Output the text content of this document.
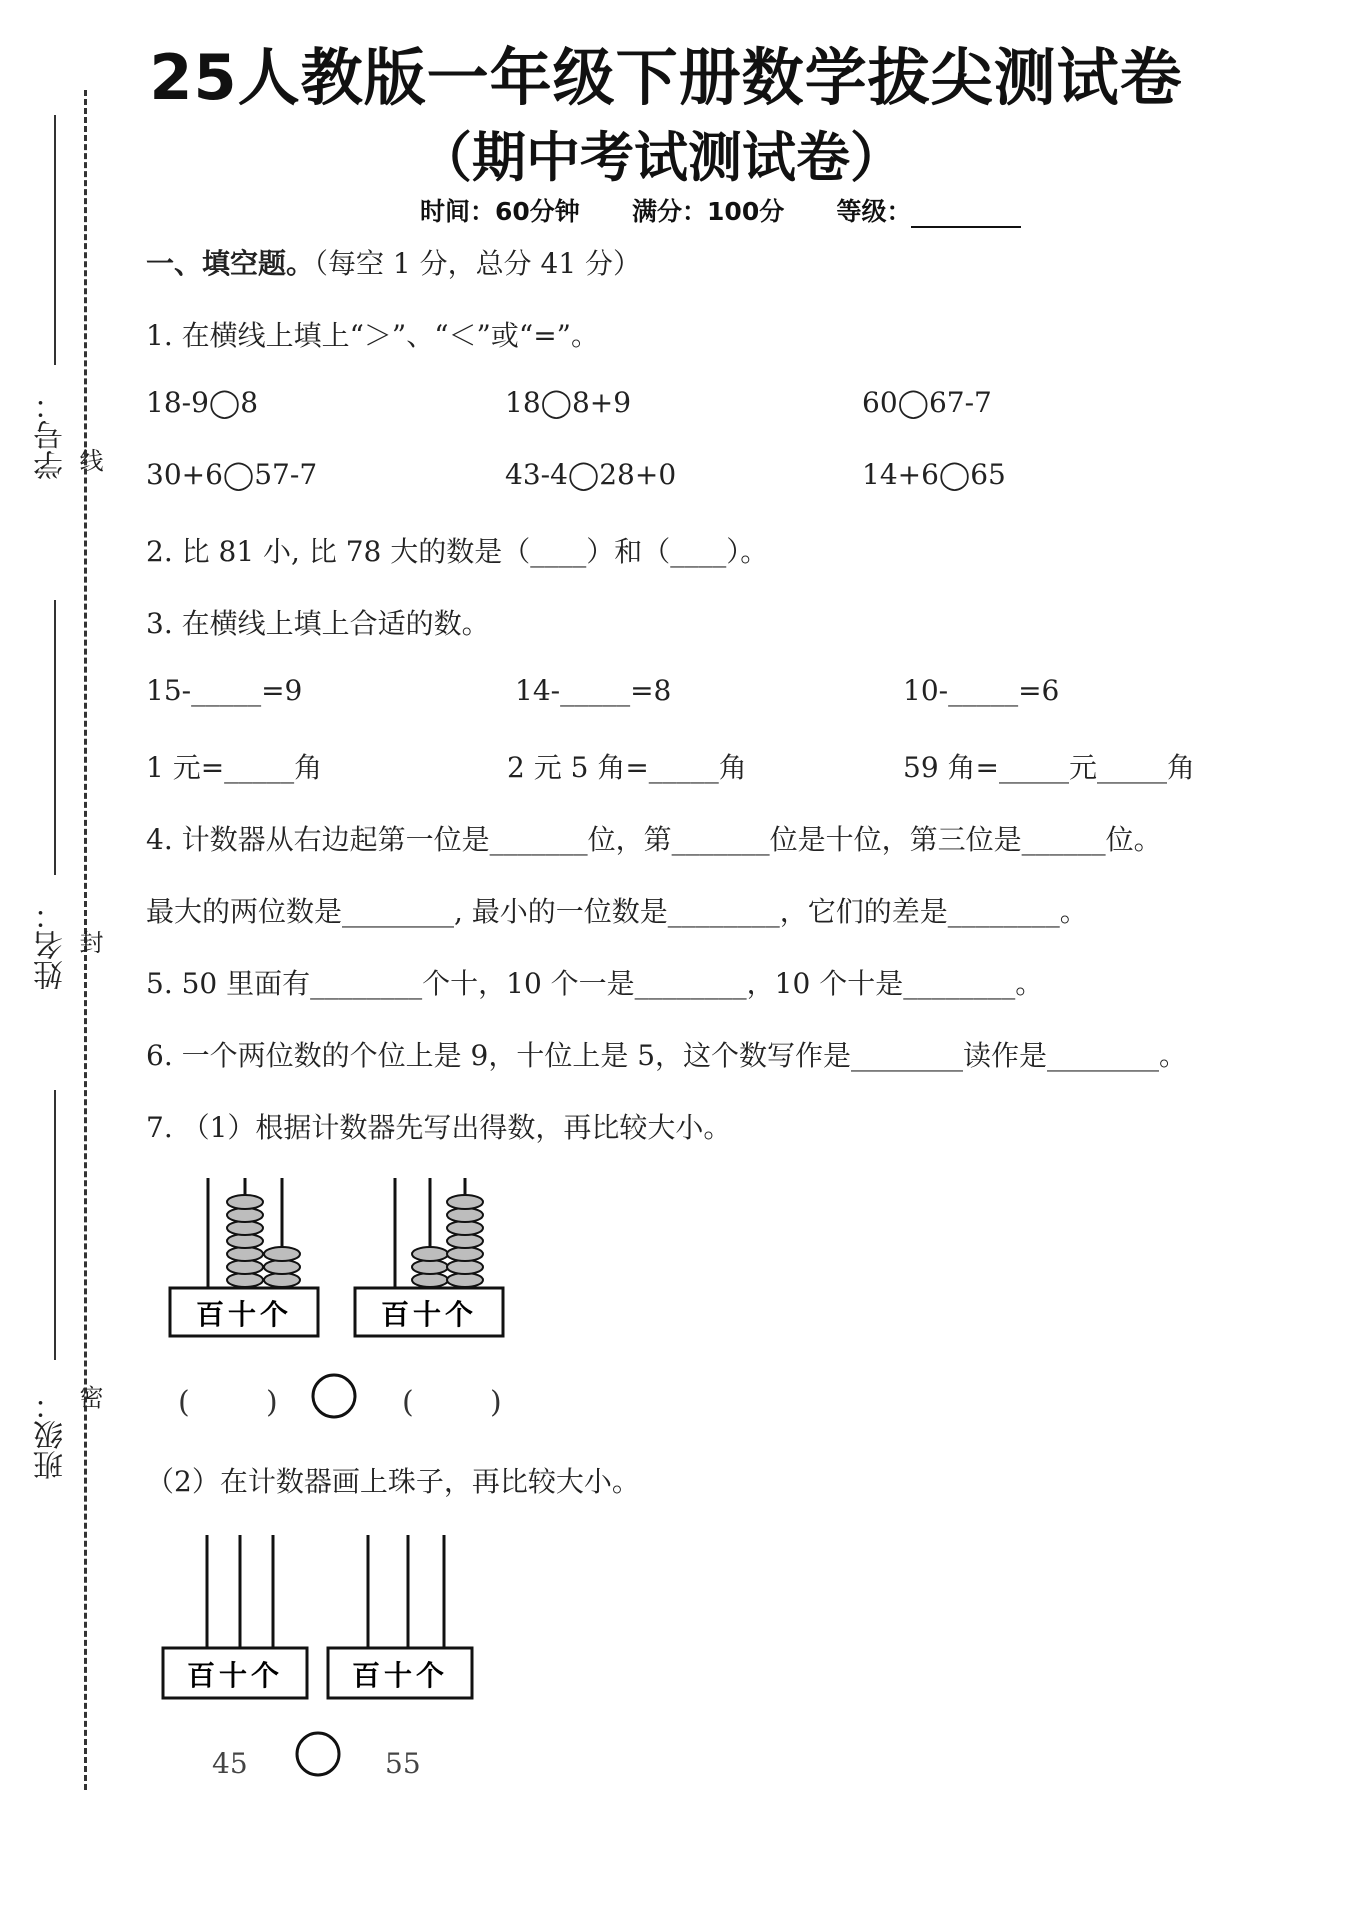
学号： 线
姓名： 封
班级： 密
25人教版一年级下册数学拔尖测试卷
（期中考试测试卷）
时间：60分钟 满分：100分 等级：
一、填空题。（每空 1 分，总分 41 分）
1. 在横线上填上“＞”、“＜”或“=”。
18-9◯8	18◯8+9	60◯67-7
30+6◯57-7	43-4◯28+0	14+6◯65
2. 比 81 小, 比 78 大的数是（____）和（____）。
3. 在横线上填上合适的数。
15-_____=9	14-_____=8	10-_____=6
1 元=_____角	2 元 5 角=_____角	59 角=_____元_____角
4. 计数器从右边起第一位是_______位，第_______位是十位，第三位是______位。
最大的两位数是________, 最小的一位数是________，它们的差是________。
5. 50 里面有________个十，10 个一是________，10 个十是________。
6. 一个两位数的个位上是 9，十位上是 5，这个数写作是________读作是________。
7. （1）根据计数器先写出得数，再比较大小。
百十个	百十个
(        )	(        )
（2）在计数器画上珠子，再比较大小。
百十个 百十个
45	55
